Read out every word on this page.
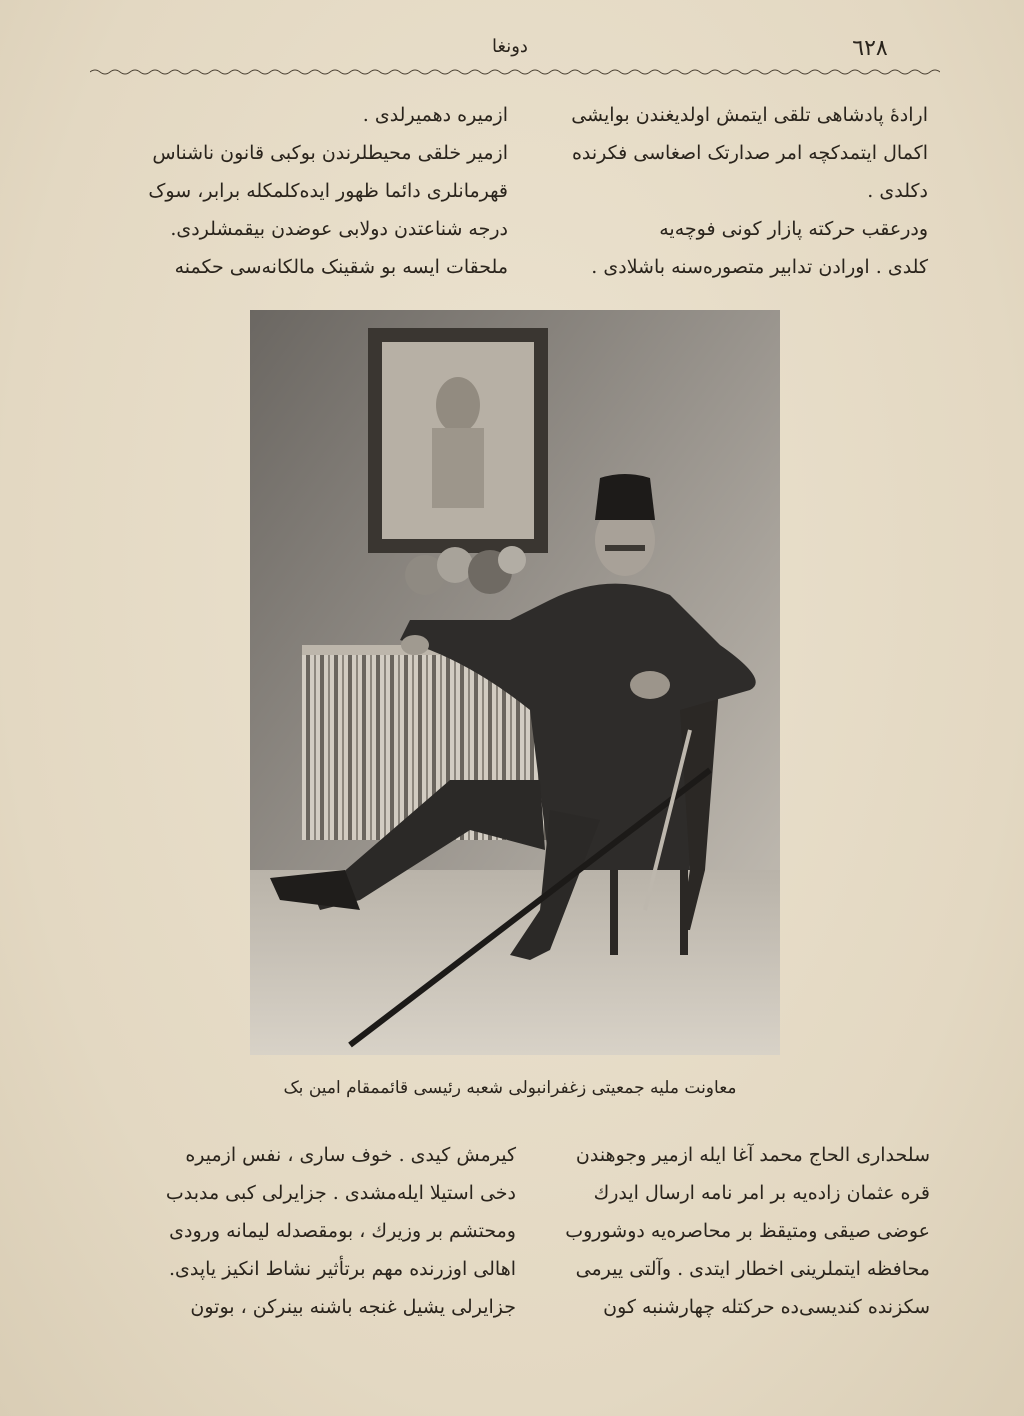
دونغا	٦٢٨

ارادهٔ پادشاهی تلقی ایتمش اولدیغندن بوایشی

اکمال ایتمدکچه امر صدارتک اصغاسی فکرنده

دکلدی .

ودرعقب حرکته پازار کونی فوچه‌یه

کلدی . اورادن تدابیر متصوره‌سنه باشلادی .

ازمیره دهمیرلدی .

ازمیر خلقی محیطلرندن بوکبی قانون ناشناس

قهرمانلری دائما ظهور ایده‌کلمکله برابر، سوک

درجه شناعتدن دولابی عوضدن بیقمشلردی.

ملحقات ایسه بو شقینک مالکانه‌سی حکمنه

معاونت ملیه جمعیتی زغفرانبولی شعبه رئیسی قائممقام امین بک

سلحداری الحاج محمد آغا ایله ازمیر وجوهندن

قره عثمان زاده‌یه بر امر نامه ارسال ایدرك

عوضی صیقی ومتیقظ بر محاصره‌یه دوشوروب

محافظه ایتملرینی اخطار ایتدی . وآلتی ییرمی

سکزنده کندیسی‌ده حرکتله چهارشنبه کون

کیرمش کیدی . خوف ساری ، نفس ازمیره

دخی استیلا ایله‌مشدی . جزایرلی کبی مدبدب

ومحتشم بر وزیرك ، بومقصدله لیمانه ورودی

اهالی اوزرنده مهم برتأثیر نشاط انکیز یاپدی.

جزایرلی یشیل غنجه باشنه بینرکن ، بوتون
